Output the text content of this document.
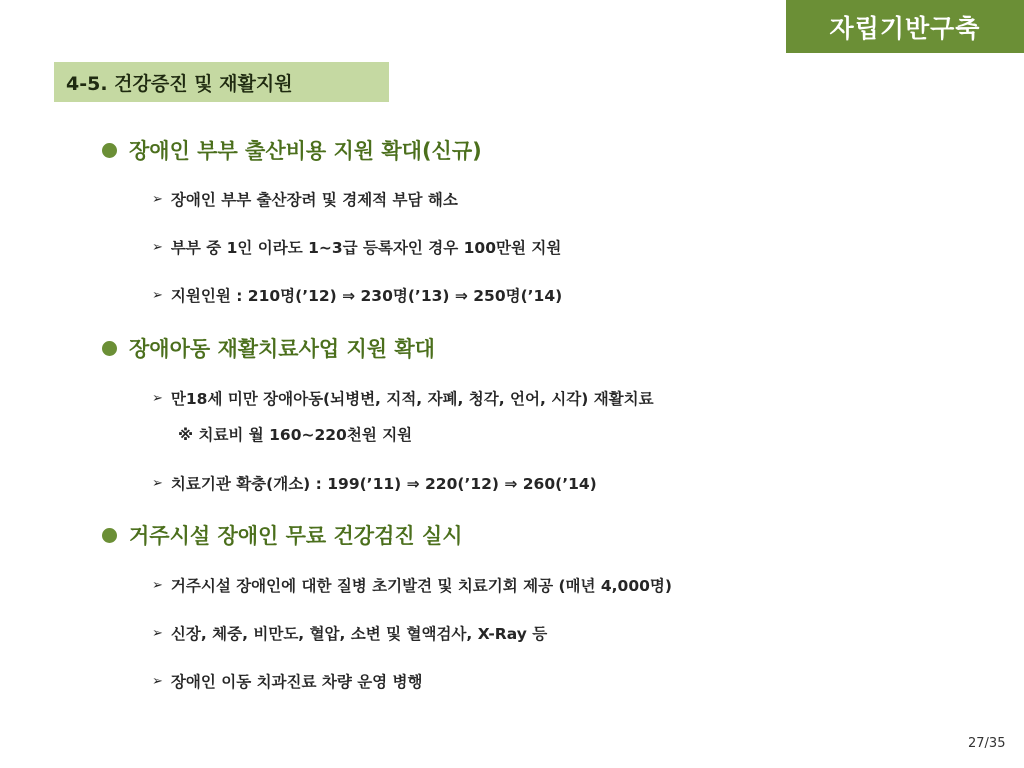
자립기반구축
4-5. 건강증진 및 재활지원
장애인 부부 출산비용 지원 확대(신규)
➢ 장애인 부부 출산장려 및 경제적 부담 해소
➢ 부부 중 1인 이라도 1~3급 등록자인 경우 100만원 지원
➢ 지원인원 : 210명(’12) ⇒ 230명(’13) ⇒ 250명(’14)
장애아동 재활치료사업 지원 확대
➢ 만18세 미만 장애아동(뇌병변, 지적, 자폐, 청각, 언어, 시각) 재활치료
※ 치료비 월 160~220천원 지원
➢ 치료기관 확충(개소) : 199(’11) ⇒ 220(’12) ⇒ 260(’14)
거주시설 장애인 무료 건강검진 실시
➢ 거주시설 장애인에 대한 질병 초기발견 및 치료기회 제공 (매년 4,000명)
➢ 신장, 체중, 비만도, 혈압, 소변 및 혈액검사, X-Ray 등
➢ 장애인 이동 치과진료 차량 운영 병행
27/35
